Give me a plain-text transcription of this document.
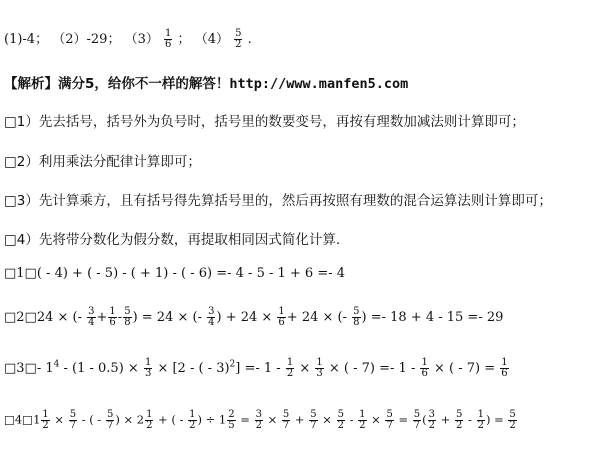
(1)-4； （2）-29； $(3) \frac{1}{6}$ ； $(4) \frac{5}{2}$ .
【解析】满分5，给你不一样的解答！http://www.manfen5.com
□1）先去括号，括号外为负号时，括号里的数要变号，再按有理数加减法则计算即可；
□2）利用乘法分配律计算即可；
□3）先计算乘方，且有括号得先算括号里的，然后再按照有理数的混合运算法则计算即可；
□4）先将带分数化为假分数，再提取相同因式简化计算.
□1□( - 4) + ( - 5) - ( + 1) - ( - 6) =- 4 - 5 - 1 + 6 =- 4
□2□24 × (- $\frac{3}{4} + \frac{1}{6} - \frac{5}{8}$ ) = 24 × (- $\frac{3}{4}$ ) + $24 \times \frac{1}{6} + 24$ × (- $\frac{5}{8}$ ) =- 18 + 4 - 15 =- 29
□3□- $1^4 - (1 - 0.5) \times \frac{1}{3} \times [2$ - ( - $3)^2] =- 1 - \frac{1}{2} \times \frac{1}{3}$ × ( - $7) =- 1 - \frac{1}{6}$ × ( - $7) = \frac{1}{6}$
□4□1 $\frac{1}{2} \times \frac{5}{7}$ - ( - $\frac{5}{7}$ ) × $2 \frac{1}{2}$ + ( - $\frac{1}{2}$ ) ÷ $1 \frac{2}{5} = \frac{3}{2} \times \frac{5}{7} + \frac{5}{7} \times \frac{5}{2} - \frac{1}{2} \times \frac{5}{7} = \frac{5}{7}$ ( $\frac{3}{2} + \frac{5}{2} - \frac{1}{2}$ ) = $\frac{5}{2}$
